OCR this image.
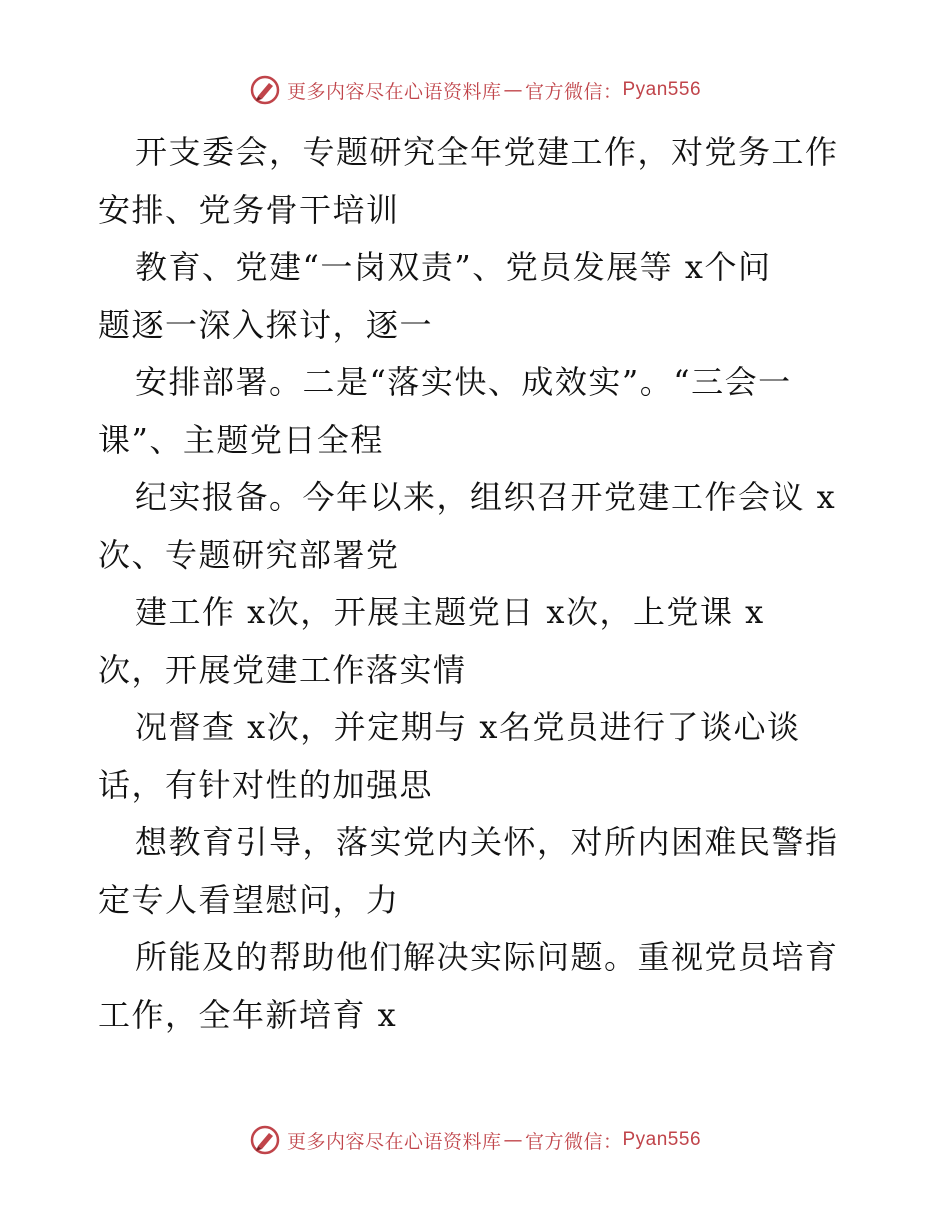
更多内容尽在心语资料库 — 官方微信： Pyan556
开支委会，专题研究全年党建工作，对党务工作
安排、党务骨干培训
教育、党建“一岗双责”、党员发展等 x个问
题逐一深入探讨，逐一
安排部署。二是“落实快、成效实”。“三会一
课”、主题党日全程
纪实报备。今年以来，组织召开党建工作会议 x
次、专题研究部署党
建工作 x次，开展主题党日 x次，上党课 x
次，开展党建工作落实情
况督查 x次，并定期与 x名党员进行了谈心谈
话，有针对性的加强思
想教育引导，落实党内关怀，对所内困难民警指
定专人看望慰问，力
所能及的帮助他们解决实际问题。重视党员培育
工作，全年新培育 x
更多内容尽在心语资料库 — 官方微信： Pyan556
